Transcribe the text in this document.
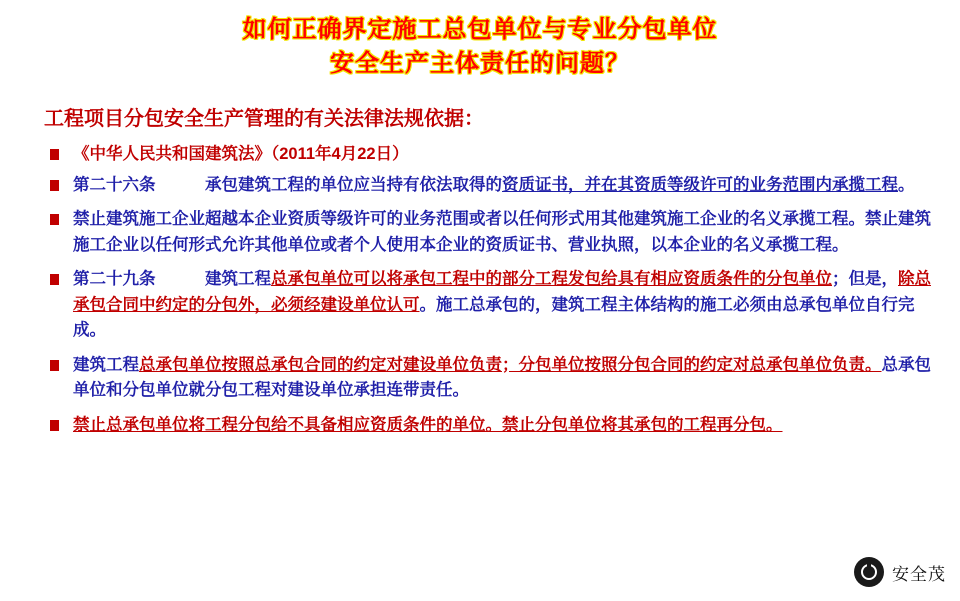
如何正确界定施工总包单位与专业分包单位
安全生产主体责任的问题？
工程项目分包安全生产管理的有关法律法规依据：
《中华人民共和国建筑法》（2011年4月22日）
第二十六条　　　承包建筑工程的单位应当持有依法取得的资质证书，并在其资质等级许可的业务范围内承揽工程。
禁止建筑施工企业超越本企业资质等级许可的业务范围或者以任何形式用其他建筑施工企业的名义承揽工程。禁止建筑施工企业以任何形式允许其他单位或者个人使用本企业的资质证书、营业执照，以本企业的名义承揽工程。
第二十九条　　　建筑工程总承包单位可以将承包工程中的部分工程发包给具有相应资质条件的分包单位；但是，除总承包合同中约定的分包外，必须经建设单位认可。施工总承包的，建筑工程主体结构的施工必须由总承包单位自行完成。
建筑工程总承包单位按照总承包合同的约定对建设单位负责；分包单位按照分包合同的约定对总承包单位负责。总承包单位和分包单位就分包工程对建设单位承担连带责任。
禁止总承包单位将工程分包给不具备相应资质条件的单位。禁止分包单位将其承包的工程再分包。
安全茂
